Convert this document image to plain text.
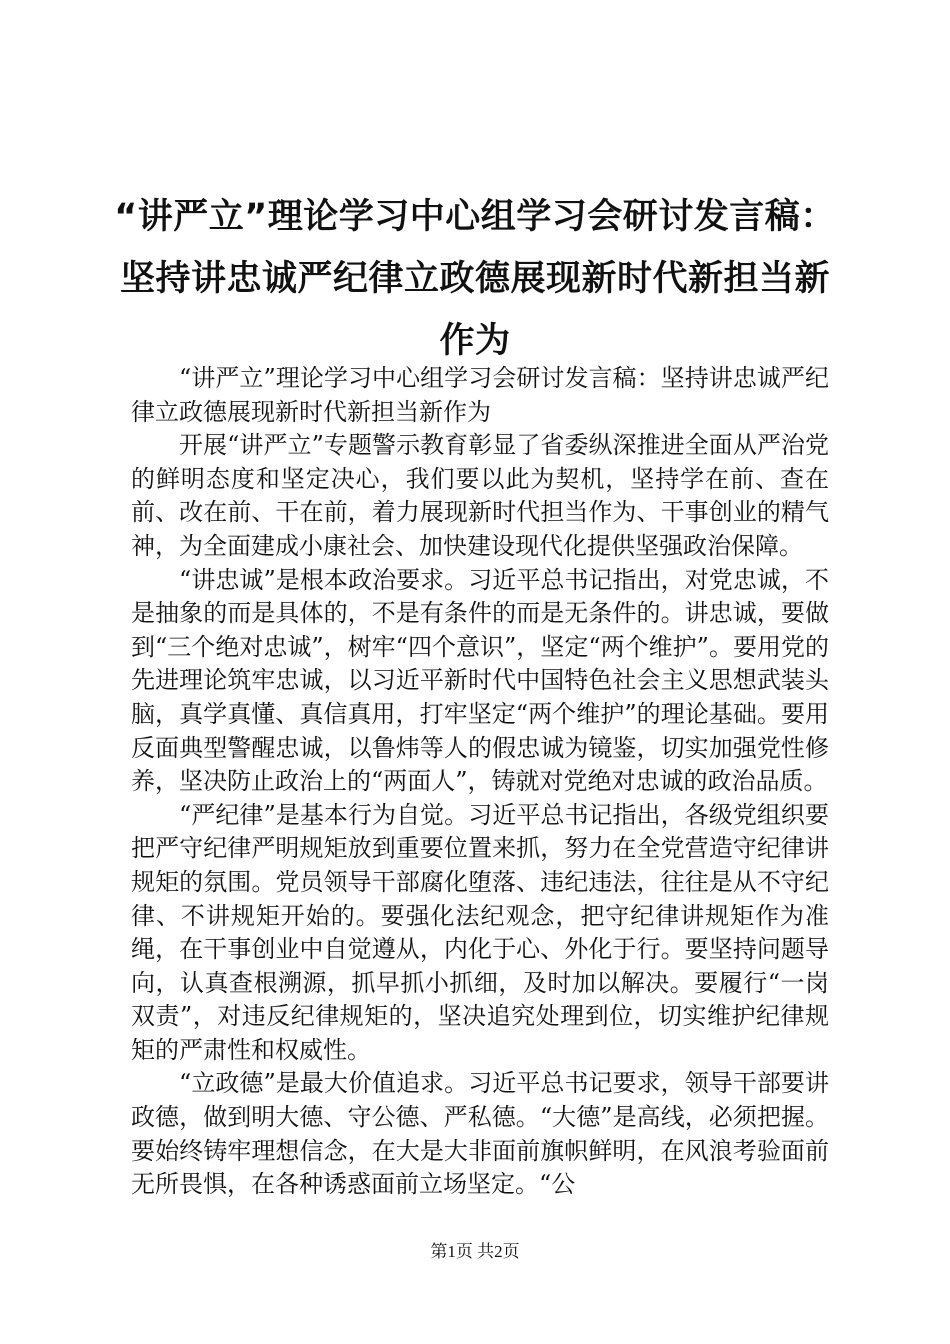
“讲严立”理论学习中心组学习会研讨发言稿：
坚持讲忠诚严纪律立政德展现新时代新担当新
作为

“讲严立”理论学习中心组学习会研讨发言稿：坚持讲忠诚严纪律立政德展现新时代新担当新作为

开展“讲严立”专题警示教育彰显了省委纵深推进全面从严治党的鲜明态度和坚定决心，我们要以此为契机，坚持学在前、查在前、改在前、干在前，着力展现新时代担当作为、干事创业的精气神，为全面建成小康社会、加快建设现代化提供坚强政治保障。

“讲忠诚”是根本政治要求。习近平总书记指出，对党忠诚，不是抽象的而是具体的，不是有条件的而是无条件的。讲忠诚，要做到“三个绝对忠诚”，树牢“四个意识”，坚定“两个维护”。要用党的先进理论筑牢忠诚，以习近平新时代中国特色社会主义思想武装头脑，真学真懂、真信真用，打牢坚定“两个维护”的理论基础。要用反面典型警醒忠诚，以鲁炜等人的假忠诚为镜鉴，切实加强党性修养，坚决防止政治上的“两面人”，铸就对党绝对忠诚的政治品质。

“严纪律”是基本行为自觉。习近平总书记指出，各级党组织要把严守纪律严明规矩放到重要位置来抓，努力在全党营造守纪律讲规矩的氛围。党员领导干部腐化堕落、违纪违法，往往是从不守纪律、不讲规矩开始的。要强化法纪观念，把守纪律讲规矩作为准绳，在干事创业中自觉遵从，内化于心、外化于行。要坚持问题导向，认真查根溯源，抓早抓小抓细，及时加以解决。要履行“一岗双责”，对违反纪律规矩的，坚决追究处理到位，切实维护纪律规矩的严肃性和权威性。

“立政德”是最大价值追求。习近平总书记要求，领导干部要讲政德，做到明大德、守公德、严私德。“大德”是高线，必须把握。要始终铸牢理想信念，在大是大非面前旗帜鲜明，在风浪考验面前无所畏惧，在各种诱惑面前立场坚定。“公

第1页 共2页
